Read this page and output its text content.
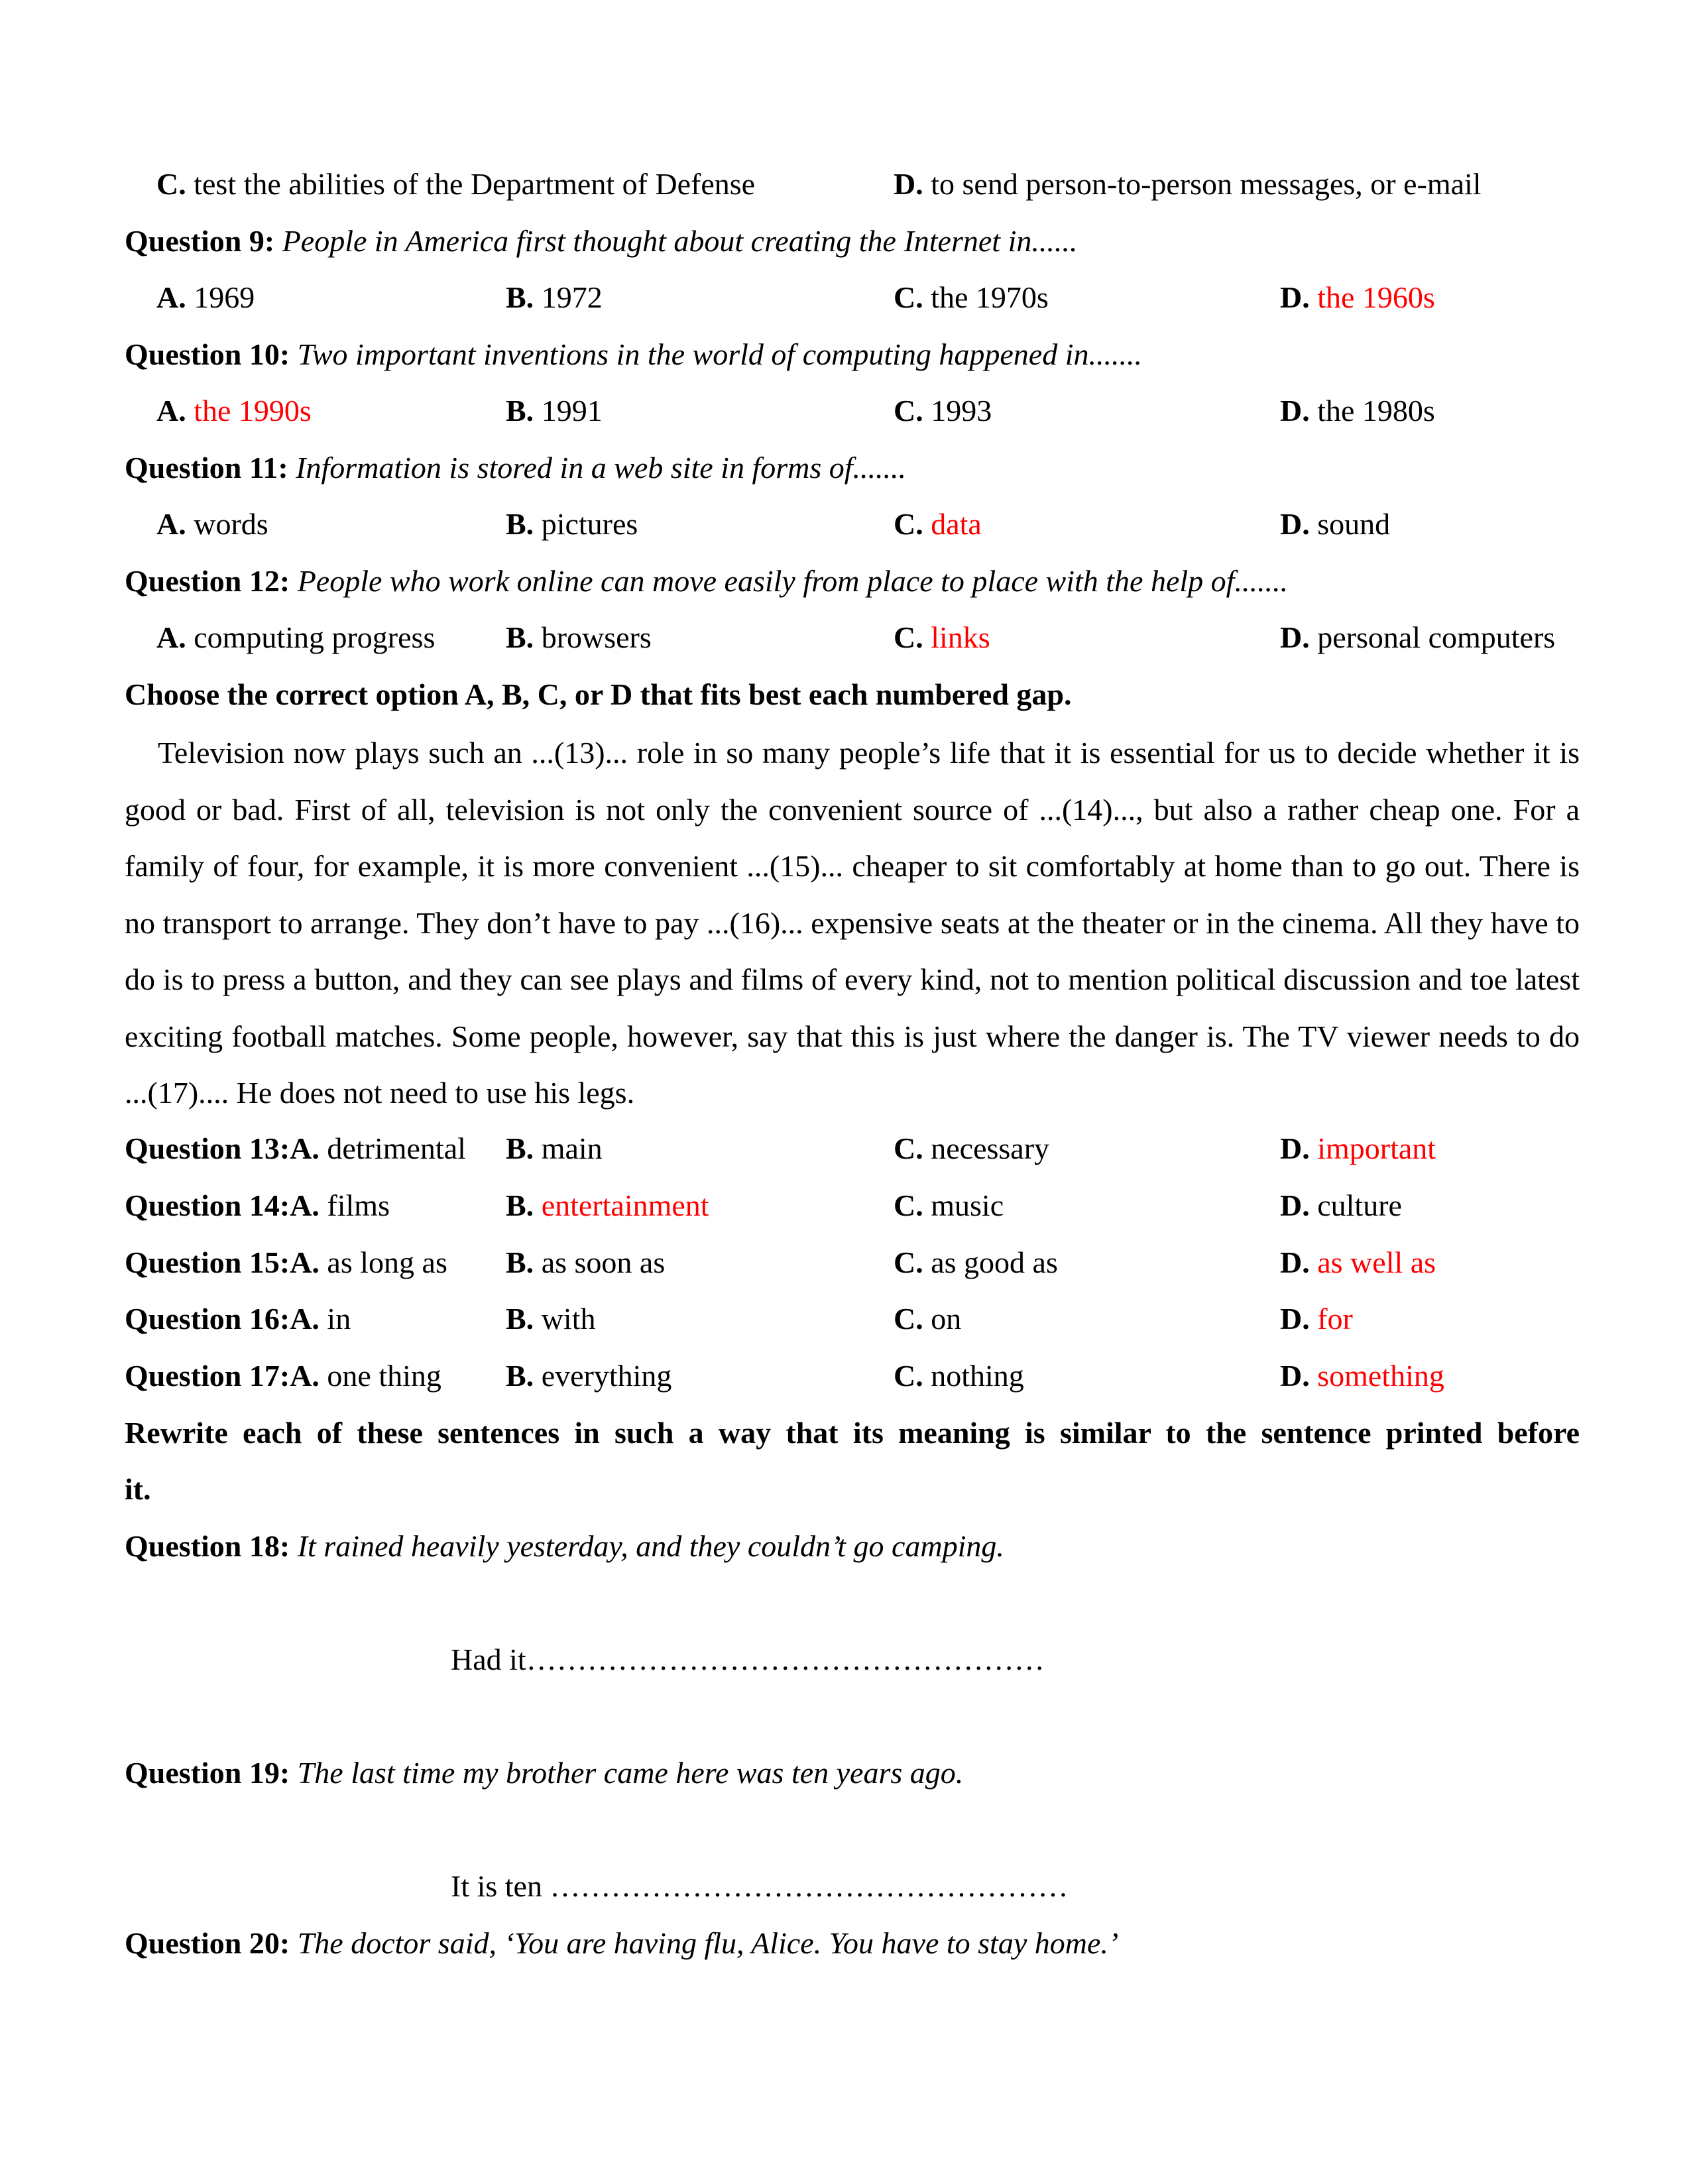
C. test the abilities of the Department of Defense	D. to send person-to-person messages, or e-mail
Question 9: People in America first thought about creating the Internet in......
A. 1969	B. 1972	C. the 1970s	D. the 1960s
Question 10: Two important inventions in the world of computing happened in.......
A. the 1990s	B. 1991	C. 1993	D. the 1980s
Question 11: Information is stored in a web site in forms of.......
A. words	B. pictures	C. data	D. sound
Question 12: People who work online can move easily from place to place with the help of.......
A. computing progress B. browsers	C. links	D. personal computers
Choose the correct option A, B, C, or D that fits best each numbered gap.

Television now plays such an ...(13)... role in so many people’s life that it is essential for us to decide whether it is good or bad. First of all, television is not only the convenient source of ...(14)..., but also a rather cheap one. For a family of four, for example, it is more convenient ...(15)... cheaper to sit comfortably at home than to go out. There is no transport to arrange. They don’t have to pay ...(16)... expensive seats at the theater or in the cinema. All they have to do is to press a button, and they can see plays and films of every kind, not to mention political discussion and toe latest exciting football matches. Some people, however, say that this is just where the danger is. The TV viewer needs to do ...(17).... He does not need to use his legs.

Question 13:A. detrimental B. main	C. necessary	D. important
Question 14:A. films	B. entertainment	C. music	D. culture
Question 15:A. as long as B. as soon as	C. as good as	D. as well as
Question 16:A. in	B. with	C. on	D. for
Question 17:A. one thing B. everything	C. nothing	D. something
Rewrite each of these sentences in such a way that its meaning is similar to the sentence printed before
it.
Question 18: It rained heavily yesterday, and they couldn’t go camping.
Had it……………………………………………
Question 19: The last time my brother came here was ten years ago.
It is ten ……………………………………………
Question 20: The doctor said, ‘You are having flu, Alice. You have to stay home.’
